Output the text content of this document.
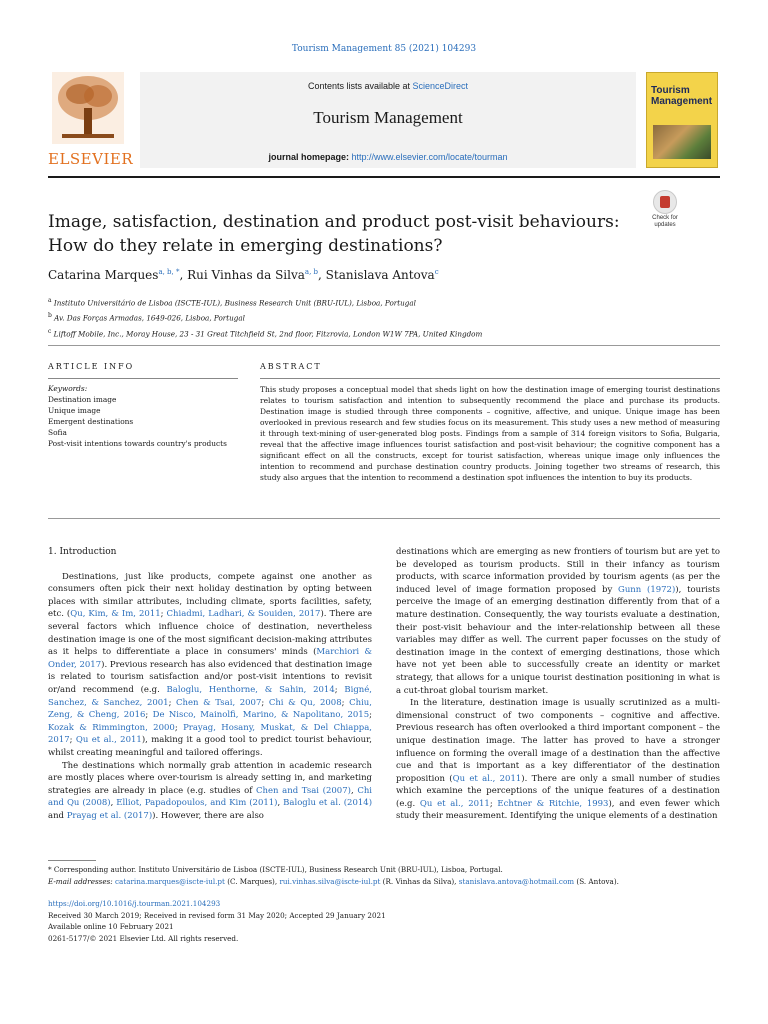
Tourism Management 85 (2021) 104293
ELSEVIER
Contents lists available at ScienceDirect
Tourism Management
journal homepage: http://www.elsevier.com/locate/tourman
Tourism Management
Image, satisfaction, destination and product post-visit behaviours: How do they relate in emerging destinations?
Check for updates
Catarina Marques$^{a, b, *}$, Rui Vinhas da Silva$^{a, b}$, Stanislava Antova$^c$
$^a$ Instituto Universitário de Lisboa (ISCTE-IUL), Business Research Unit (BRU-IUL), Lisboa, Portugal
$^b$ Av. Das Forças Armadas, 1649-026, Lisboa, Portugal
$^c$ Liftoff Mobile, Inc., Moray House, 23 - 31 Great Titchfield St, 2nd floor, Fitzrovia, London W1W 7PA, United Kingdom
ARTICLE INFO
Keywords:
Destination image
Unique image
Emergent destinations
Sofia
Post-visit intentions towards country's products
ABSTRACT
This study proposes a conceptual model that sheds light on how the destination image of emerging tourist destinations relates to tourism satisfaction and intention to subsequently recommend the place and purchase its products. Destination image is studied through three components – cognitive, affective, and unique. Unique image has been overlooked in previous research and few studies focus on its measurement. This study uses a new method of measuring it through text-mining of user-generated blog posts. Findings from a sample of 314 foreign visitors to Sofia, Bulgaria, reveal that the affective image influences tourist satisfaction and post-visit behaviour; the cognitive component has a significant effect on all the constructs, except for tourist satisfaction, whereas unique image only influences the intention to recommend and purchase destination country products. Joining together two streams of research, this study also argues that the intention to recommend a destination spot influences the intention to buy its products.

1. Introduction

Destinations, just like products, compete against one another as consumers often pick their next holiday destination by opting between places with similar attributes, including climate, sports facilities, safety, etc. (Qu, Kim, & Im, 2011; Chiadmi, Ladhari, & Souiden, 2017). There are several factors which influence choice of destination, nevertheless destination image is one of the most significant decision-making attributes as it helps to differentiate a place in consumers' minds (Marchiori & Onder, 2017). Previous research has also evidenced that destination image is related to tourism satisfaction and/or post-visit intentions to revisit or/and recommend (e.g. Baloglu, Henthorne, & Sahin, 2014; Bigné, Sanchez, & Sanchez, 2001; Chen & Tsai, 2007; Chi & Qu, 2008; Chiu, Zeng, & Cheng, 2016; De Nisco, Mainolfi, Marino, & Napolitano, 2015; Kozak & Rimmington, 2000; Prayag, Hosany, Muskat, & Del Chiappa, 2017; Qu et al., 2011), making it a good tool to predict tourist behaviour, whilst creating meaningful and tailored offerings.

The destinations which normally grab attention in academic research are mostly places where over-tourism is already setting in, and marketing strategies are already in place (e.g. studies of Chen and Tsai (2007), Chi and Qu (2008), Elliot, Papadopoulos, and Kim (2011), Baloglu et al. (2014) and Prayag et al. (2017)). However, there are also

destinations which are emerging as new frontiers of tourism but are yet to be developed as tourism products. Still in their infancy as tourism products, with scarce information provided by tourism agents (as per the induced level of image formation proposed by Gunn (1972)), tourists perceive the image of an emerging destination differently from that of a mature destination. Consequently, the way tourists evaluate a destination, their post-visit behaviour and the inter-relationship between all these variables may differ as well. The current paper focusses on the study of destination image in the context of emerging destinations, those which have not yet been able to successfully create an identity or market strategy, that allows for a unique tourist destination positioning in what is a cut-throat global tourism market.

In the literature, destination image is usually scrutinized as a multi-dimensional construct of two components – cognitive and affective. Previous research has often overlooked a third important component – the unique destination image. The latter has proved to have a stronger influence on forming the overall image of a destination than the affective cue and that is important as a key differentiator of the destination proposition (Qu et al., 2011). There are only a small number of studies which examine the perceptions of the unique features of a destination (e.g. Qu et al., 2011; Echtner & Ritchie, 1993), and even fewer which study their measurement. Identifying the unique elements of a destination

* Corresponding author. Instituto Universitário de Lisboa (ISCTE-IUL), Business Research Unit (BRU-IUL), Lisboa, Portugal.
E-mail addresses: catarina.marques@iscte-iul.pt (C. Marques), rui.vinhas.silva@iscte-iul.pt (R. Vinhas da Silva), stanislava.antova@hotmail.com (S. Antova).
https://doi.org/10.1016/j.tourman.2021.104293
Received 30 March 2019; Received in revised form 31 May 2020; Accepted 29 January 2021
Available online 10 February 2021
0261-5177/© 2021 Elsevier Ltd. All rights reserved.
